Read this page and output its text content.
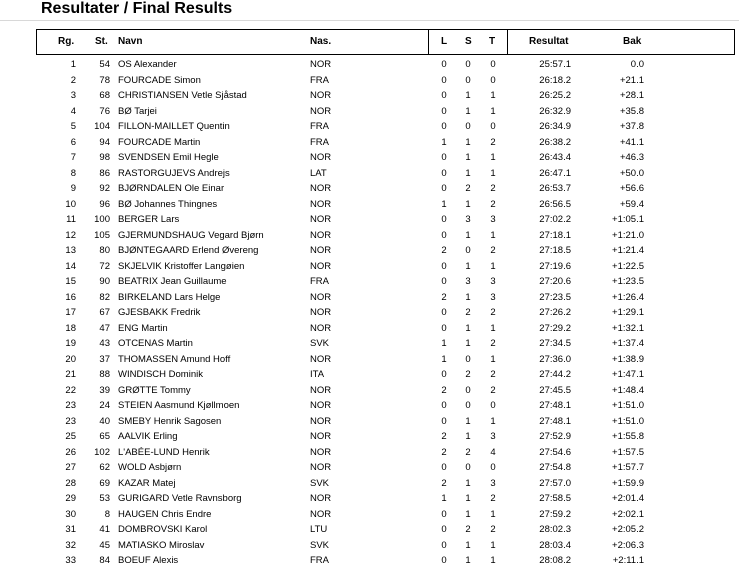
Resultater / Final Results
Rg. St. Navn	Nas.	L S T	Resultat	Bak
1 54 OS Alexander	NOR	0	0	0	25:57.1	0.0
2 78 FOURCADE Simon	FRA	0	0	0	26:18.2	+21.1
3 68 CHRISTIANSEN Vetle Sjåstad	NOR	0	1	1	26:25.2	+28.1
4 76 BØ Tarjei	NOR	0	1	1	26:32.9	+35.8
5 104 FILLON-MAILLET Quentin	FRA	0	0	0	26:34.9	+37.8
6 94 FOURCADE Martin	FRA	1	1	2	26:38.2	+41.1
7 98 SVENDSEN Emil Hegle	NOR	0	1	1	26:43.4	+46.3
8 86 RASTORGUJEVS Andrejs	LAT	0	1	1	26:47.1	+50.0
9 92 BJØRNDALEN Ole Einar	NOR	0	2	2	26:53.7	+56.6
10 96 BØ Johannes Thingnes	NOR	1	1	2	26:56.5	+59.4
11 100 BERGER Lars	NOR	0	3	3	27:02.2	+1:05.1
12 105 GJERMUNDSHAUG Vegard Bjørn	NOR	0	1	1	27:18.1	+1:21.0
13 80 BJØNTEGAARD Erlend Øvereng	NOR	2	0	2	27:18.5	+1:21.4
14 72 SKJELVIK Kristoffer Langøien	NOR	0	1	1	27:19.6	+1:22.5
15 90 BEATRIX Jean Guillaume	FRA	0	3	3	27:20.6	+1:23.5
16 82 BIRKELAND Lars Helge	NOR	2	1	3	27:23.5	+1:26.4
17 67 GJESBAKK Fredrik	NOR	0	2	2	27:26.2	+1:29.1
18 47 ENG Martin	NOR	0	1	1	27:29.2	+1:32.1
19 43 OTCENAS Martin	SVK	1	1	2	27:34.5	+1:37.4
20 37 THOMASSEN Amund Hoff	NOR	1	0	1	27:36.0	+1:38.9
21 88 WINDISCH Dominik	ITA	0	2	2	27:44.2	+1:47.1
22 39 GRØTTE Tommy	NOR	2	0	2	27:45.5	+1:48.4
23 24 STEIEN Aasmund Kjøllmoen	NOR	0	0	0	27:48.1	+1:51.0
23 40 SMEBY Henrik Sagosen	NOR	0	1	1	27:48.1	+1:51.0
25 65 AALVIK Erling	NOR	2	1	3	27:52.9	+1:55.8
26 102 L'ABÉE-LUND Henrik	NOR	2	2	4	27:54.6	+1:57.5
27 62 WOLD Asbjørn	NOR	0	0	0	27:54.8	+1:57.7
28 69 KAZAR Matej	SVK	2	1	3	27:57.0	+1:59.9
29 53 GURIGARD Vetle Ravnsborg	NOR	1	1	2	27:58.5	+2:01.4
30	8 HAUGEN Chris Endre	NOR	0	1	1	27:59.2	+2:02.1
31 41 DOMBROVSKI Karol	LTU	0	2	2	28:02.3	+2:05.2
32 45 MATIASKO Miroslav	SVK	0	1	1	28:03.4	+2:06.3
33 84 BOEUF Alexis	FRA	0	1	1	28:08.2	+2:11.1
